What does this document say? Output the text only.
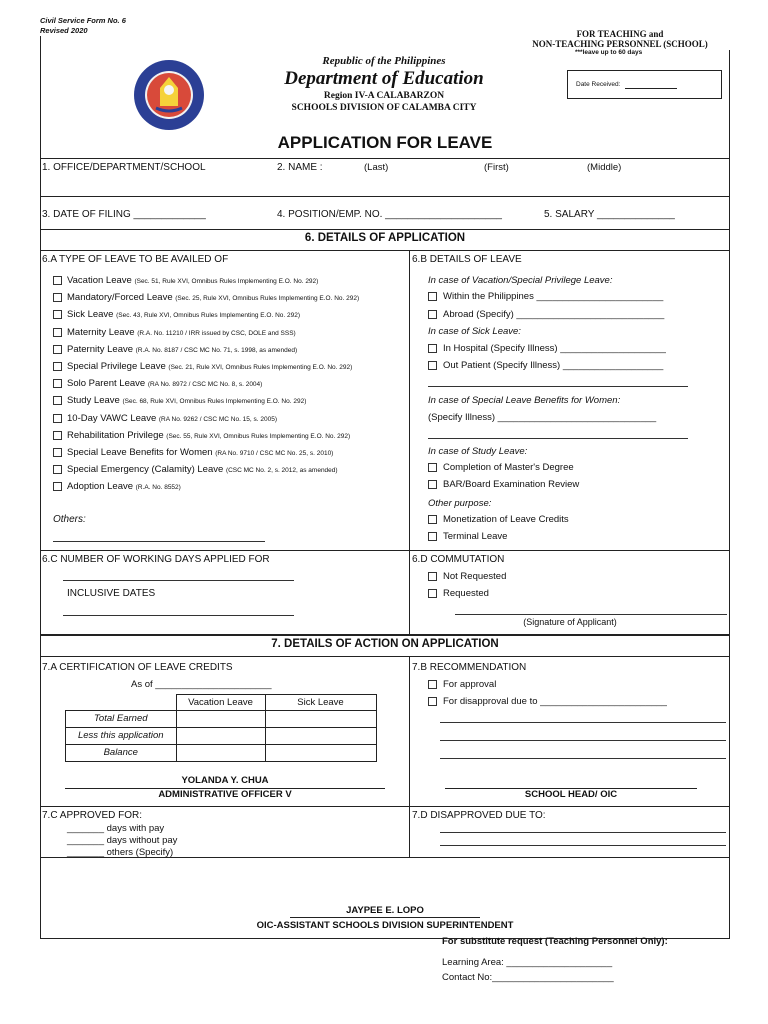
Civil Service Form No. 6
Revised 2020	FOR TEACHING and
NON-TEACHING PERSONNEL (SCHOOL)
***leave up to 60 days
Date Received:
Republic of the Philippines
Department of Education
Region IV-A CALABARZON
SCHOOLS DIVISION OF CALAMBA CITY
APPLICATION FOR LEAVE
1. OFFICE/DEPARTMENT/SCHOOL	2. NAME :	(Last)	(First)	(Middle)
3. DATE OF FILING _____________	4. POSITION/EMP. NO. _____________________	5. SALARY ______________
6. DETAILS OF APPLICATION
6.A TYPE OF LEAVE TO BE AVAILED OF
Vacation Leave (Sec. 51, Rule XVI, Omnibus Rules Implementing E.O. No. 292)
Mandatory/Forced Leave (Sec. 25, Rule XVI, Omnibus Rules Implementing E.O. No. 292)
Sick Leave (Sec. 43, Rule XVI, Omnibus Rules Implementing E.O. No. 292)
Maternity Leave (R.A. No. 11210 / IRR issued by CSC, DOLE and SSS)
Paternity Leave (R.A. No. 8187 / CSC MC No. 71, s. 1998, as amended)
Special Privilege Leave (Sec. 21, Rule XVI, Omnibus Rules Implementing E.O. No. 292)
Solo Parent Leave (RA No. 8972 / CSC MC No. 8, s. 2004)
Study Leave (Sec. 68, Rule XVI, Omnibus Rules Implementing E.O. No. 292)
10-Day VAWC Leave (RA No. 9262 / CSC MC No. 15, s. 2005)
Rehabilitation Privilege (Sec. 55, Rule XVI, Omnibus Rules Implementing E.O. No. 292)
Special Leave Benefits for Women (RA No. 9710 / CSC MC No. 25, s. 2010)
Special Emergency (Calamity) Leave (CSC MC No. 2, s. 2012, as amended)
Adoption Leave (R.A. No. 8552)
Others:
6.B DETAILS OF LEAVE
In case of Vacation/Special Privilege Leave:
Within the Philippines ________________________
Abroad (Specify) ____________________________
In case of Sick Leave:
In Hospital (Specify Illness) ____________________
Out Patient (Specify Illness) ___________________
In case of Special Leave Benefits for Women:
(Specify Illness) ______________________________
In case of Study Leave:
Completion of Master's Degree
BAR/Board Examination Review
Other purpose:
Monetization of Leave Credits
Terminal Leave
6.C NUMBER OF WORKING DAYS APPLIED FOR
INCLUSIVE DATES
6.D COMMUTATION
Not Requested
Requested
(Signature of Applicant)
7. DETAILS OF ACTION ON APPLICATION
7.A CERTIFICATION OF LEAVE CREDITS
As of ______________________
	Vacation Leave	Sick Leave
Total Earned		
Less this application		
Balance		
YOLANDA Y. CHUA
ADMINISTRATIVE OFFICER V
7.B RECOMMENDATION
For approval
For disapproval due to ________________________
SCHOOL HEAD/ OIC
7.C APPROVED FOR:
_______ days with pay
_______ days without pay
_______ others (Specify)
7.D DISAPPROVED DUE TO:
JAYPEE E. LOPO
OIC-ASSISTANT SCHOOLS DIVISION SUPERINTENDENT
For substitute request (Teaching Personnel Only):
Learning Area: ____________________
Contact No:_______________________
